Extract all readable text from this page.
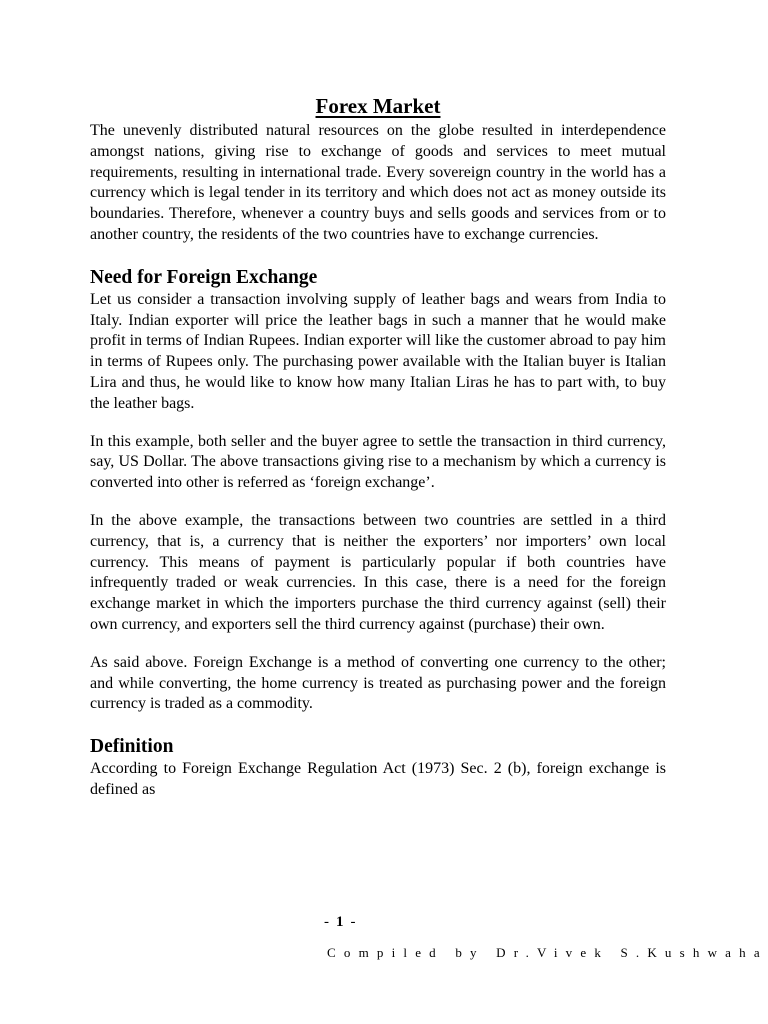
Forex Market

The unevenly distributed natural resources on the globe resulted in interdependence amongst nations, giving rise to exchange of goods and services to meet mutual requirements, resulting in international trade. Every sovereign country in the world has a currency which is legal tender in its territory and which does not act as money outside its boundaries. Therefore, whenever a country buys and sells goods and services from or to another country, the residents of the two countries have to exchange currencies.

Need for Foreign Exchange

Let us consider a transaction involving supply of leather bags and wears from India to Italy. Indian exporter will price the leather bags in such a manner that he would make profit in terms of Indian Rupees. Indian exporter will like the customer abroad to pay him in terms of Rupees only. The purchasing power available with the Italian buyer is Italian Lira and thus, he would like to know how many Italian Liras he has to part with, to buy the leather bags.

In this example, both seller and the buyer agree to settle the transaction in third currency, say, US Dollar. The above transactions giving rise to a mechanism by which a currency is converted into other is referred as ‘foreign exchange’.

In the above example, the transactions between two countries are settled in a third currency, that is, a currency that is neither the exporters’ nor importers’ own local currency. This means of payment is particularly popular if both countries have infrequently traded or weak currencies. In this case, there is a need for the foreign exchange market in which the importers purchase the third currency against (sell) their own currency, and exporters sell the third currency against (purchase) their own.

As said above. Foreign Exchange is a method of converting one currency to the other; and while converting, the home currency is treated as purchasing power and the foreign currency is traded as a commodity.

Definition

According to Foreign Exchange Regulation Act (1973) Sec. 2 (b), foreign exchange is defined as

- 1 -
Compiled by Dr.Vivek S.Kushwaha
